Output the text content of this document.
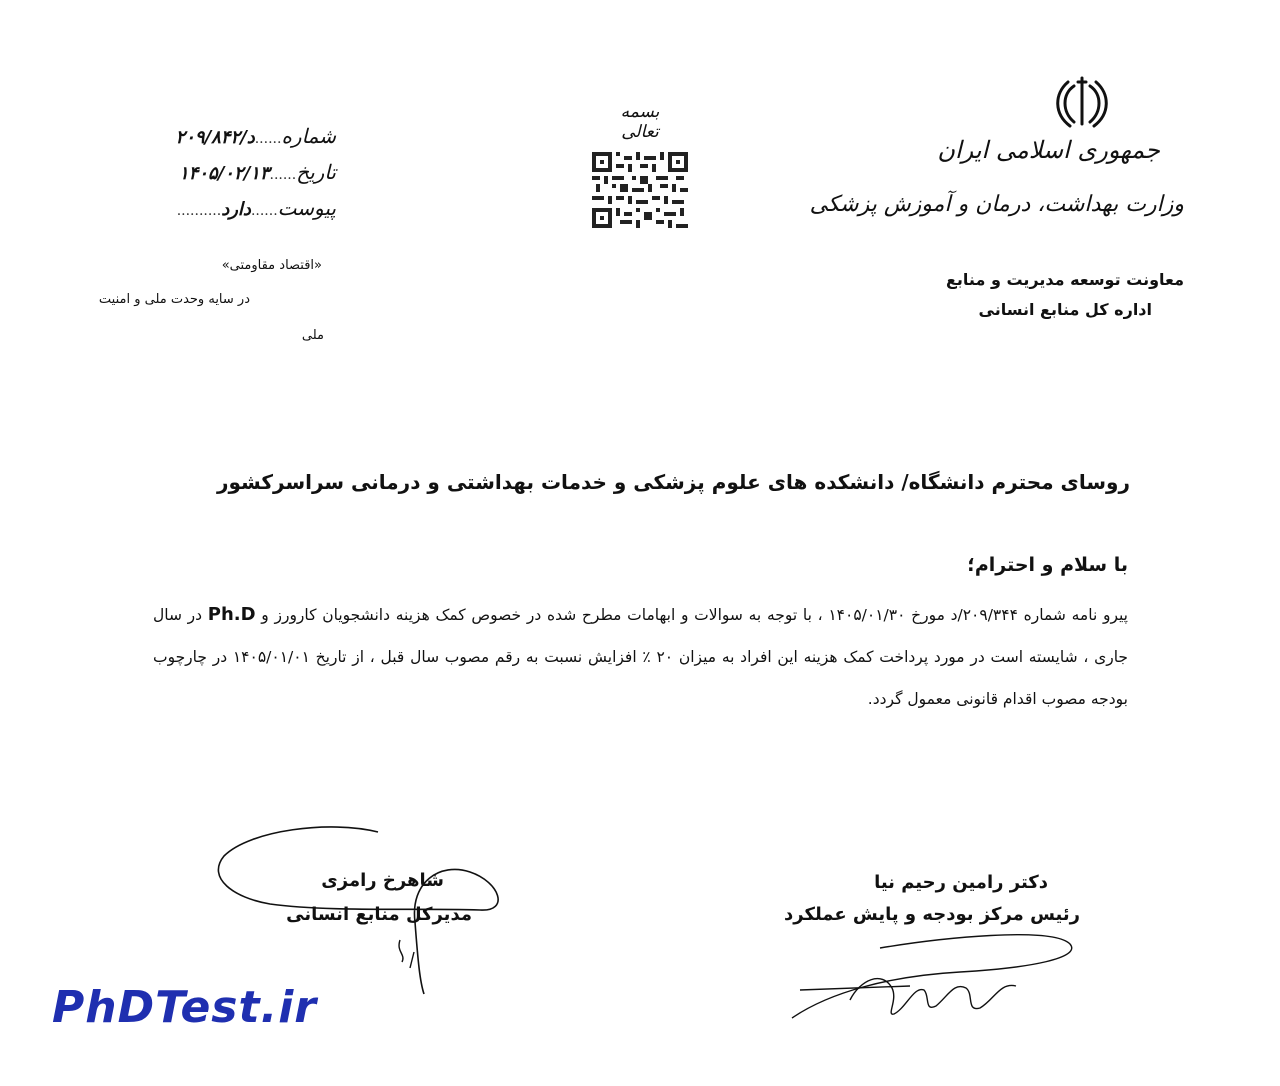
جمهوری اسلامی ایران
وزارت بهداشت، درمان و آموزش پزشکی
معاونت توسعه مدیریت و منابع
اداره کل منابع انسانی
بسمه تعالی
شماره......د/۲۰۹/۸۴۲
تاریخ......۱۴۰۵/۰۲/۱۳
پیوست......دارد..........
«اقتصاد مقاومتی»
در سایه وحدت ملی و امنیت
ملی
روسای محترم دانشگاه/ دانشکده های علوم پزشکی و خدمات بهداشتی و درمانی سراسرکشور
با سلام و احترام؛
پیرو نامه شماره ۲۰۹/۳۴۴/د مورخ ۱۴۰۵/۰۱/۳۰ ، با توجه به سوالات و ابهامات مطرح شده در خصوص کمک هزینه دانشجویان کارورز و Ph.D در سال جاری ، شایسته است در مورد پرداخت کمک هزینه این افراد به میزان ۲۰ ٪ افزایش نسبت به رقم مصوب سال قبل ، از تاریخ ۱۴۰۵/۰۱/۰۱ در چارچوب بودجه مصوب اقدام قانونی معمول گردد.
شاهرخ رامزی
مدیرکل منابع انسانی
دکتر رامین رحیم نیا
رئیس مرکز بودجه و پایش عملکرد
PhDTest.ir
